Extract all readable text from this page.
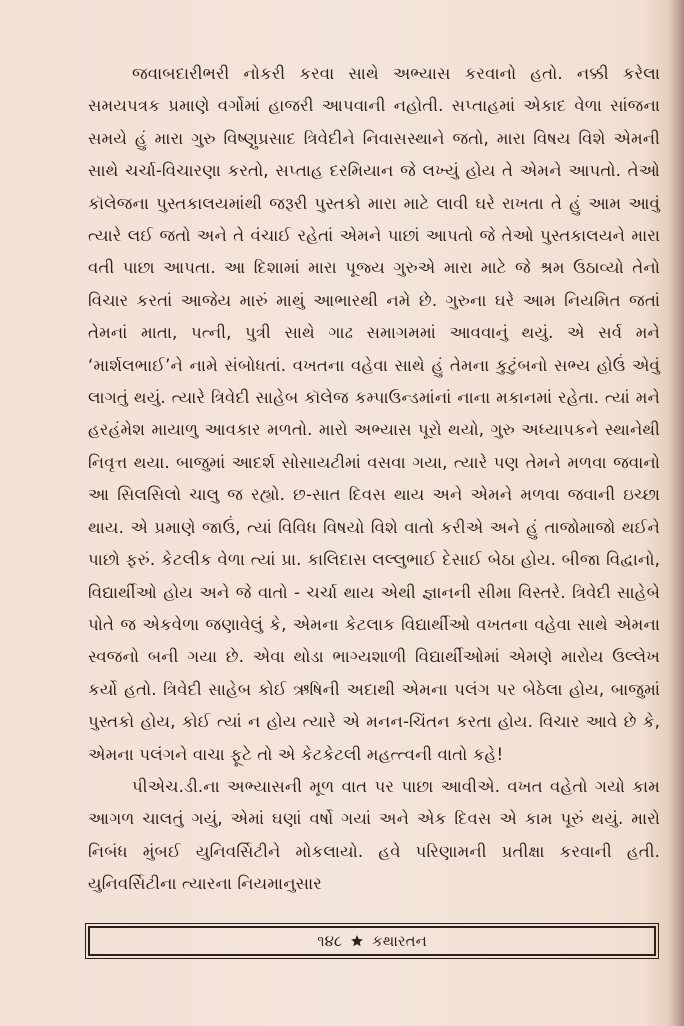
જવાબદારીભરી નોકરી કરવા સાથે અભ્યાસ કરવાનો હતો. નક્કી કરેલા સમયપત્રક પ્રમાણે વર્ગોમાં હાજરી આપવાની નહોતી. સપ્તાહમાં એકાદ વેળા સાંજના સમયે હું મારા ગુરુ વિષ્ણુપ્રસાદ ત્રિવેદીને નિવાસસ્થાને જતો, મારા વિષય વિશે એમની સાથે ચર્ચા-વિચારણા કરતો, સપ્તાહ દરમિયાન જે લખ્યું હોય તે એમને આપતો. તેઓ કૉલેજના પુસ્તકાલયમાંથી જરૂરી પુસ્તકો મારા માટે લાવી ઘરે રાખતા તે હું આમ આવું ત્યારે લઈ જતો અને તે વંચાઈ રહેતાં એમને પાછાં આપતો જે તેઓ પુસ્તકાલયને મારા વતી પાછા આપતા. આ દિશામાં મારા પૂજ્ય ગુરુએ મારા માટે જે શ્રમ ઉઠાવ્યો તેનો વિચાર કરતાં આજેય મારું માથું આભારથી નમે છે. ગુરુના ઘરે આમ નિયમિત જતાં તેમનાં માતા, પત્ની, પુત્રી સાથે ગાઢ સમાગમમાં આવવાનું થયું. એ સર્વ મને ‘માર્શલભાઈ’ને નામે સંબોધતાં. વખતના વહેવા સાથે હું તેમના કુટુંબનો સભ્ય હોઉં એવું લાગતું થયું. ત્યારે ત્રિવેદી સાહેબ કૉલેજ કમ્પાઉન્ડમાંનાં નાના મકાનમાં રહેતા. ત્યાં મને હરહંમેશ માયાળુ આવકાર મળતો. મારો અભ્યાસ પૂરો થયો, ગુરુ અધ્યાપકને સ્થાનેથી નિવૃત્ત થયા. બાજુમાં આદર્શ સોસાયટીમાં વસવા ગયા, ત્યારે પણ તેમને મળવા જવાનો આ સિલસિલો ચાલુ જ રહ્યો. છ-સાત દિવસ થાય અને એમને મળવા જવાની ઇચ્છા થાય. એ પ્રમાણે જાઉં, ત્યાં વિવિધ વિષયો વિશે વાતો કરીએ અને હું તાજોમાજો થઈને પાછો ફરું. કેટલીક વેળા ત્યાં પ્રા. કાલિદાસ લલ્લુભાઈ દેસાઈ બેઠા હોય. બીજા વિદ્વાનો, વિદ્યાર્થીઓ હોય અને જે વાતો - ચર્ચા થાય એથી જ્ઞાનની સીમા વિસ્તરે. ત્રિવેદી સાહેબે પોતે જ એકવેળા જણાવેલું કે, એમના કેટલાક વિદ્યાર્થીઓ વખતના વહેવા સાથે એમના સ્વજનો બની ગયા છે. એવા થોડા ભાગ્યશાળી વિદ્યાર્થીઓમાં એમણે મારોય ઉલ્લેખ કર્યો હતો. ત્રિવેદી સાહેબ કોઈ ઋષિની અદાથી એમના પલંગ પર બેઠેલા હોય, બાજુમાં પુસ્તકો હોય, કોઈ ત્યાં ન હોય ત્યારે એ મનન-ચિંતન કરતા હોય. વિચાર આવે છે કે, એમના પલંગને વાચા ફૂટે તો એ કેટકેટલી મહત્ત્વની વાતો કહે!

પીએચ.ડી.ના અભ્યાસની મૂળ વાત પર પાછા આવીએ. વખત વહેતો ગયો કામ આગળ ચાલતું ગયું, એમાં ઘણાં વર્ષો ગયાં અને એક દિવસ એ કામ પૂરું થયું. મારો નિબંધ મુંબઈ યુનિવર્સિટીને મોકલાયો. હવે પરિણામની પ્રતીક્ષા કરવાની હતી. યુનિવર્સિટીના ત્યારના નિયમાનુસાર

૧૪૮ કથારતન
